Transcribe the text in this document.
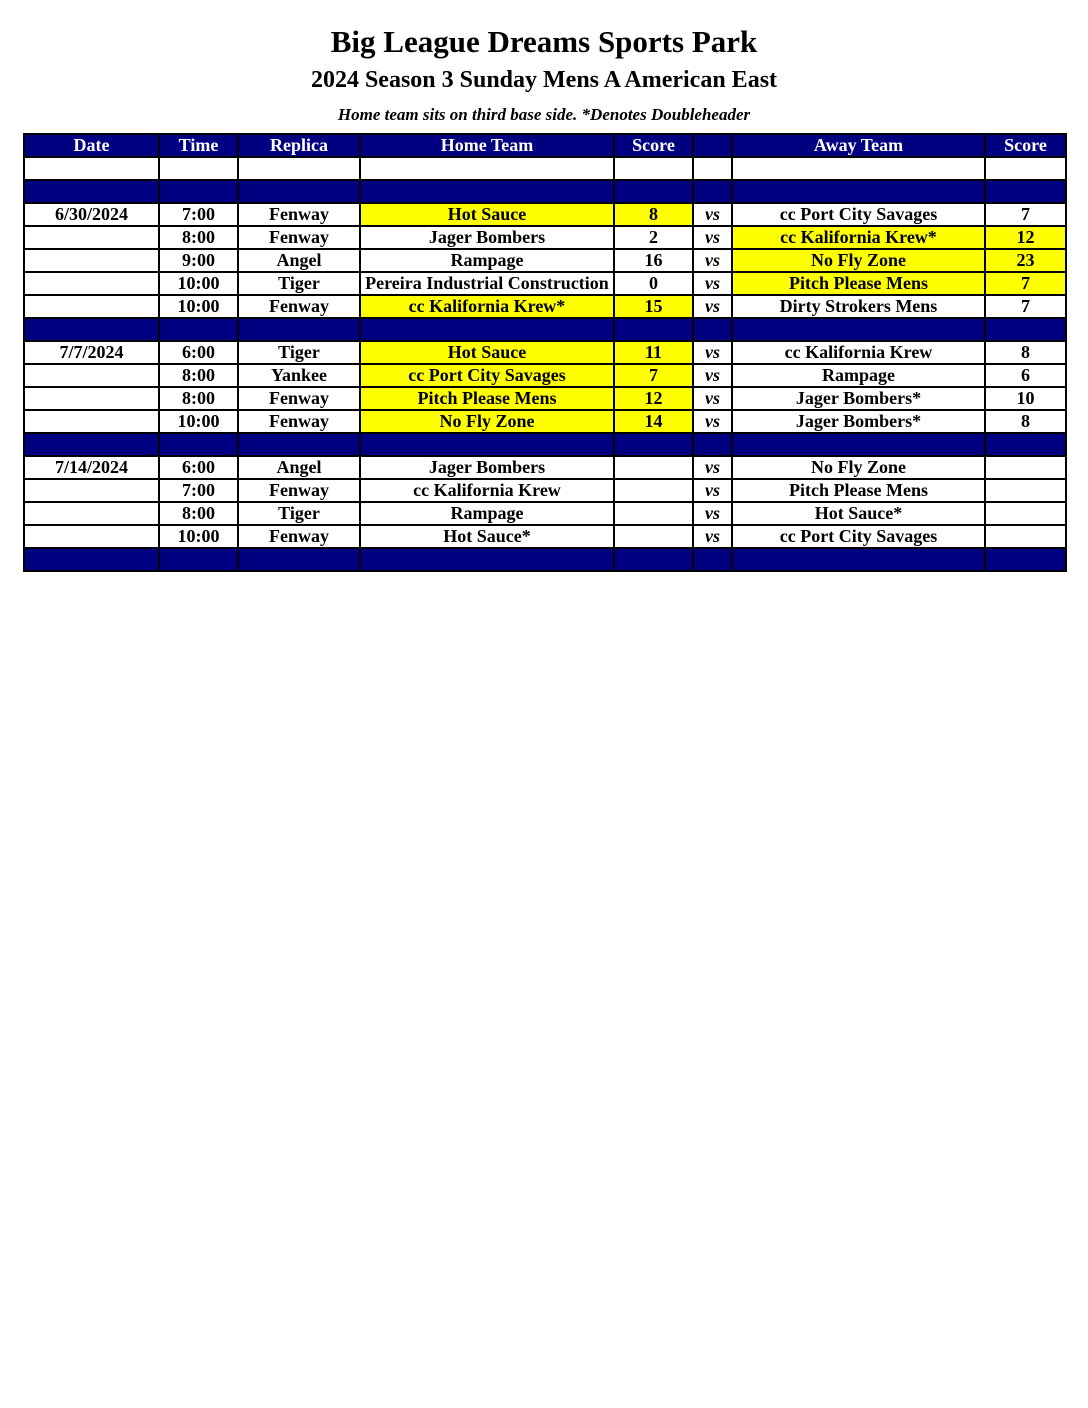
Big League Dreams Sports Park
2024 Season 3 Sunday Mens A American East
Home team sits on third base side. *Denotes Doubleheader
Date	Time	Replica	Home Team	Score		Away Team	Score

6/30/2024	7:00	Fenway	Hot Sauce	8	vs	cc Port City Savages	7
	8:00	Fenway	Jager Bombers	2	vs	cc Kalifornia Krew*	12
	9:00	Angel	Rampage	16	vs	No Fly Zone	23
	10:00	Tiger	Pereira Industrial Construction	0	vs	Pitch Please Mens	7
	10:00	Fenway	cc Kalifornia Krew*	15	vs	Dirty Strokers Mens	7

7/7/2024	6:00	Tiger	Hot Sauce	11	vs	cc Kalifornia Krew	8
	8:00	Yankee	cc Port City Savages	7	vs	Rampage	6
	8:00	Fenway	Pitch Please Mens	12	vs	Jager Bombers*	10
	10:00	Fenway	No Fly Zone	14	vs	Jager Bombers*	8

7/14/2024	6:00	Angel	Jager Bombers		vs	No Fly Zone	
	7:00	Fenway	cc Kalifornia Krew		vs	Pitch Please Mens	
	8:00	Tiger	Rampage		vs	Hot Sauce*	
	10:00	Fenway	Hot Sauce*		vs	cc Port City Savages	
